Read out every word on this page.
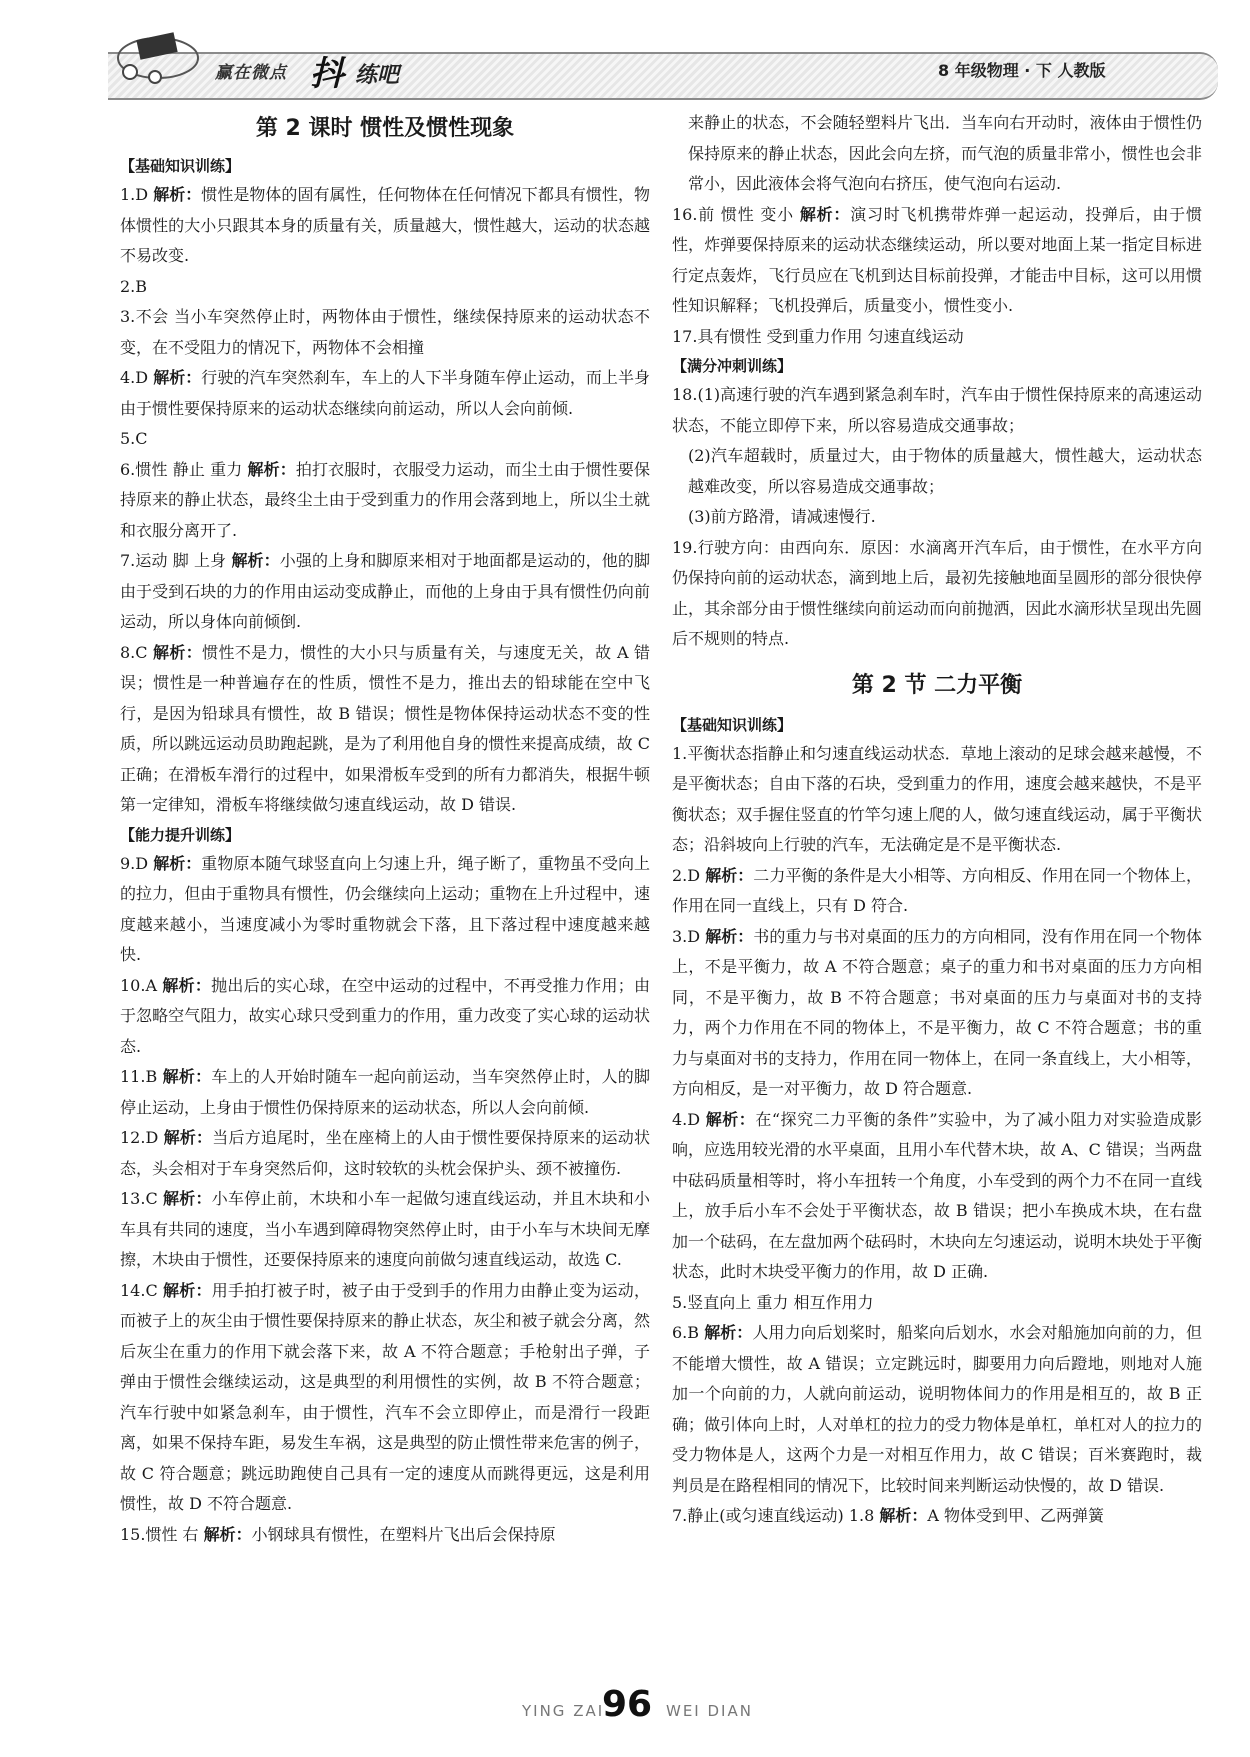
赢在微点 抖 练吧	8 年级物理 · 下 人教版
第 2 课时 惯性及惯性现象
【基础知识训练】
1.D 解析：惯性是物体的固有属性，任何物体在任何情况下都具有惯性，物体惯性的大小只跟其本身的质量有关，质量越大，惯性越大，运动的状态越不易改变.
2.B
3.不会 当小车突然停止时，两物体由于惯性，继续保持原来的运动状态不变，在不受阻力的情况下，两物体不会相撞
4.D 解析：行驶的汽车突然刹车，车上的人下半身随车停止运动，而上半身由于惯性要保持原来的运动状态继续向前运动，所以人会向前倾.
5.C
6.惯性 静止 重力 解析：拍打衣服时，衣服受力运动，而尘土由于惯性要保持原来的静止状态，最终尘土由于受到重力的作用会落到地上，所以尘土就和衣服分离开了.
7.运动 脚 上身 解析：小强的上身和脚原来相对于地面都是运动的，他的脚由于受到石块的力的作用由运动变成静止，而他的上身由于具有惯性仍向前运动，所以身体向前倾倒.
8.C 解析：惯性不是力，惯性的大小只与质量有关，与速度无关，故 A 错误；惯性是一种普遍存在的性质，惯性不是力，推出去的铅球能在空中飞行，是因为铅球具有惯性，故 B 错误；惯性是物体保持运动状态不变的性质，所以跳远运动员助跑起跳，是为了利用他自身的惯性来提高成绩，故 C 正确；在滑板车滑行的过程中，如果滑板车受到的所有力都消失，根据牛顿第一定律知，滑板车将继续做匀速直线运动，故 D 错误.
【能力提升训练】
9.D 解析：重物原本随气球竖直向上匀速上升，绳子断了，重物虽不受向上的拉力，但由于重物具有惯性，仍会继续向上运动；重物在上升过程中，速度越来越小，当速度减小为零时重物就会下落，且下落过程中速度越来越快.
10.A 解析：抛出后的实心球，在空中运动的过程中，不再受推力作用；由于忽略空气阻力，故实心球只受到重力的作用，重力改变了实心球的运动状态.
11.B 解析：车上的人开始时随车一起向前运动，当车突然停止时，人的脚停止运动，上身由于惯性仍保持原来的运动状态，所以人会向前倾.
12.D 解析：当后方追尾时，坐在座椅上的人由于惯性要保持原来的运动状态，头会相对于车身突然后仰，这时较软的头枕会保护头、颈不被撞伤.
13.C 解析：小车停止前，木块和小车一起做匀速直线运动，并且木块和小车具有共同的速度，当小车遇到障碍物突然停止时，由于小车与木块间无摩擦，木块由于惯性，还要保持原来的速度向前做匀速直线运动，故选 C.
14.C 解析：用手拍打被子时，被子由于受到手的作用力由静止变为运动，而被子上的灰尘由于惯性要保持原来的静止状态，灰尘和被子就会分离，然后灰尘在重力的作用下就会落下来，故 A 不符合题意；手枪射出子弹，子弹由于惯性会继续运动，这是典型的利用惯性的实例，故 B 不符合题意；汽车行驶中如紧急刹车，由于惯性，汽车不会立即停止，而是滑行一段距离，如果不保持车距，易发生车祸，这是典型的防止惯性带来危害的例子，故 C 符合题意；跳远助跑使自己具有一定的速度从而跳得更远，这是利用惯性，故 D 不符合题意.
15.惯性 右 解析：小钢球具有惯性，在塑料片飞出后会保持原
来静止的状态，不会随轻塑料片飞出．当车向右开动时，液体由于惯性仍保持原来的静止状态，因此会向左挤，而气泡的质量非常小，惯性也会非常小，因此液体会将气泡向右挤压，使气泡向右运动.
16.前 惯性 变小 解析：演习时飞机携带炸弹一起运动，投弹后，由于惯性，炸弹要保持原来的运动状态继续运动，所以要对地面上某一指定目标进行定点轰炸，飞行员应在飞机到达目标前投弹，才能击中目标，这可以用惯性知识解释；飞机投弹后，质量变小，惯性变小.
17.具有惯性 受到重力作用 匀速直线运动
【满分冲刺训练】
18.(1)高速行驶的汽车遇到紧急刹车时，汽车由于惯性保持原来的高速运动状态，不能立即停下来，所以容易造成交通事故；
(2)汽车超载时，质量过大，由于物体的质量越大，惯性越大，运动状态越难改变，所以容易造成交通事故；
(3)前方路滑，请减速慢行.
19.行驶方向：由西向东．原因：水滴离开汽车后，由于惯性，在水平方向仍保持向前的运动状态，滴到地上后，最初先接触地面呈圆形的部分很快停止，其余部分由于惯性继续向前运动而向前抛洒，因此水滴形状呈现出先圆后不规则的特点.
第 2 节 二力平衡
【基础知识训练】
1.平衡状态指静止和匀速直线运动状态．草地上滚动的足球会越来越慢，不是平衡状态；自由下落的石块，受到重力的作用，速度会越来越快，不是平衡状态；双手握住竖直的竹竿匀速上爬的人，做匀速直线运动，属于平衡状态；沿斜坡向上行驶的汽车，无法确定是不是平衡状态.
2.D 解析：二力平衡的条件是大小相等、方向相反、作用在同一个物体上，作用在同一直线上，只有 D 符合.
3.D 解析：书的重力与书对桌面的压力的方向相同，没有作用在同一个物体上，不是平衡力，故 A 不符合题意；桌子的重力和书对桌面的压力方向相同，不是平衡力，故 B 不符合题意；书对桌面的压力与桌面对书的支持力，两个力作用在不同的物体上，不是平衡力，故 C 不符合题意；书的重力与桌面对书的支持力，作用在同一物体上，在同一条直线上，大小相等，方向相反，是一对平衡力，故 D 符合题意.
4.D 解析：在“探究二力平衡的条件”实验中，为了减小阻力对实验造成影响，应选用较光滑的水平桌面，且用小车代替木块，故 A、C 错误；当两盘中砝码质量相等时，将小车扭转一个角度，小车受到的两个力不在同一直线上，放手后小车不会处于平衡状态，故 B 错误；把小车换成木块，在右盘加一个砝码，在左盘加两个砝码时，木块向左匀速运动，说明木块处于平衡状态，此时木块受平衡力的作用，故 D 正确.
5.竖直向上 重力 相互作用力
6.B 解析：人用力向后划桨时，船桨向后划水，水会对船施加向前的力，但不能增大惯性，故 A 错误；立定跳远时，脚要用力向后蹬地，则地对人施加一个向前的力，人就向前运动，说明物体间力的作用是相互的，故 B 正确；做引体向上时，人对单杠的拉力的受力物体是单杠，单杠对人的拉力的受力物体是人，这两个力是一对相互作用力，故 C 错误；百米赛跑时，裁判员是在路程相同的情况下，比较时间来判断运动快慢的，故 D 错误.
7.静止(或匀速直线运动) 1.8 解析：A 物体受到甲、乙两弹簧
YING ZAI
96 WEI DIAN
